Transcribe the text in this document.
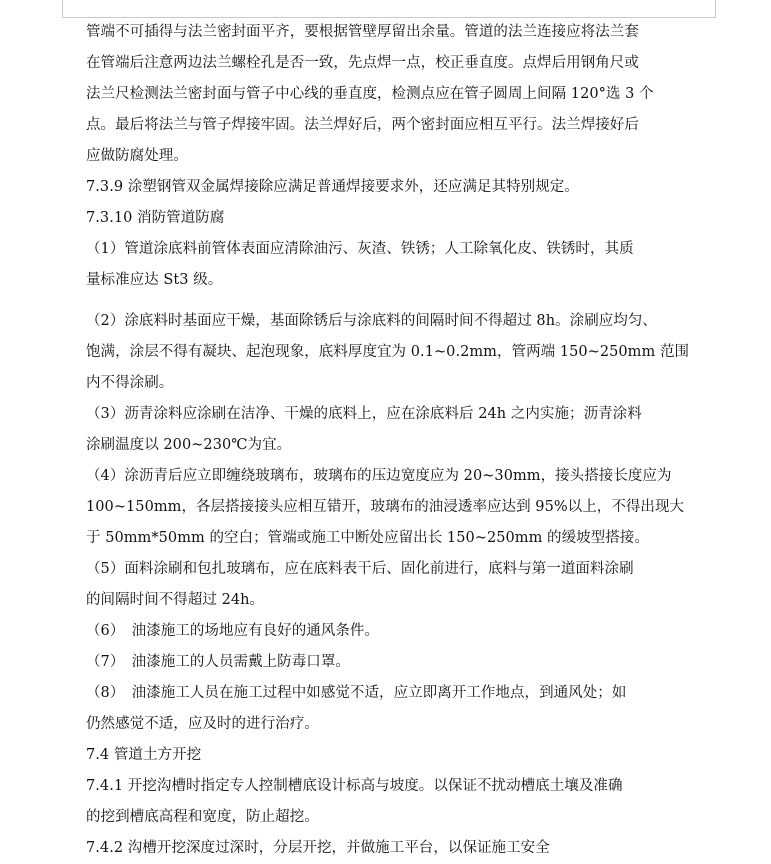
管端不可插得与法兰密封面平齐，要根据管壁厚留出余量。管道的法兰连接应将法兰套
在管端后注意两边法兰螺栓孔是否一致，先点焊一点，校正垂直度。点焊后用钢角尺或
法兰尺检测法兰密封面与管子中心线的垂直度，检测点应在管子圆周上间隔 120°选 3 个
点。最后将法兰与管子焊接牢固。法兰焊好后，两个密封面应相互平行。法兰焊接好后
应做防腐处理。
7.3.9 涂塑钢管双金属焊接除应满足普通焊接要求外，还应满足其特别规定。
7.3.10 消防管道防腐
（1）管道涂底料前管体表面应清除油污、灰渣、铁锈；人工除氧化皮、铁锈时，其质
量标准应达 St3 级。
（2）涂底料时基面应干燥，基面除锈后与涂底料的间隔时间不得超过 8h。涂刷应均匀、
饱满，涂层不得有凝块、起泡现象，底料厚度宜为 0.1~0.2mm，管两端 150~250mm 范围
内不得涂刷。
（3）沥青涂料应涂刷在洁净、干燥的底料上，应在涂底料后 24h 之内实施；沥青涂料
涂刷温度以 200~230℃为宜。
（4）涂沥青后应立即缠绕玻璃布，玻璃布的压边宽度应为 20~30mm，接头搭接长度应为
100~150mm，各层搭接接头应相互错开，玻璃布的油浸透率应达到 95%以上，不得出现大
于 50mm*50mm 的空白；管端或施工中断处应留出长 150~250mm 的缓坡型搭接。
（5）面料涂刷和包扎玻璃布，应在底料表干后、固化前进行，底料与第一道面料涂刷
的间隔时间不得超过 24h。
（6）　油漆施工的场地应有良好的通风条件。
（7）　油漆施工的人员需戴上防毒口罩。
（8）　油漆施工人员在施工过程中如感觉不适，应立即离开工作地点，到通风处；如
仍然感觉不适，应及时的进行治疗。
7.4 管道土方开挖
7.4.1 开挖沟槽时指定专人控制槽底设计标高与坡度。以保证不扰动槽底土壤及准确
的挖到槽底高程和宽度，防止超挖。
7.4.2 沟槽开挖深度过深时，分层开挖，并做施工平台，以保证施工安全
